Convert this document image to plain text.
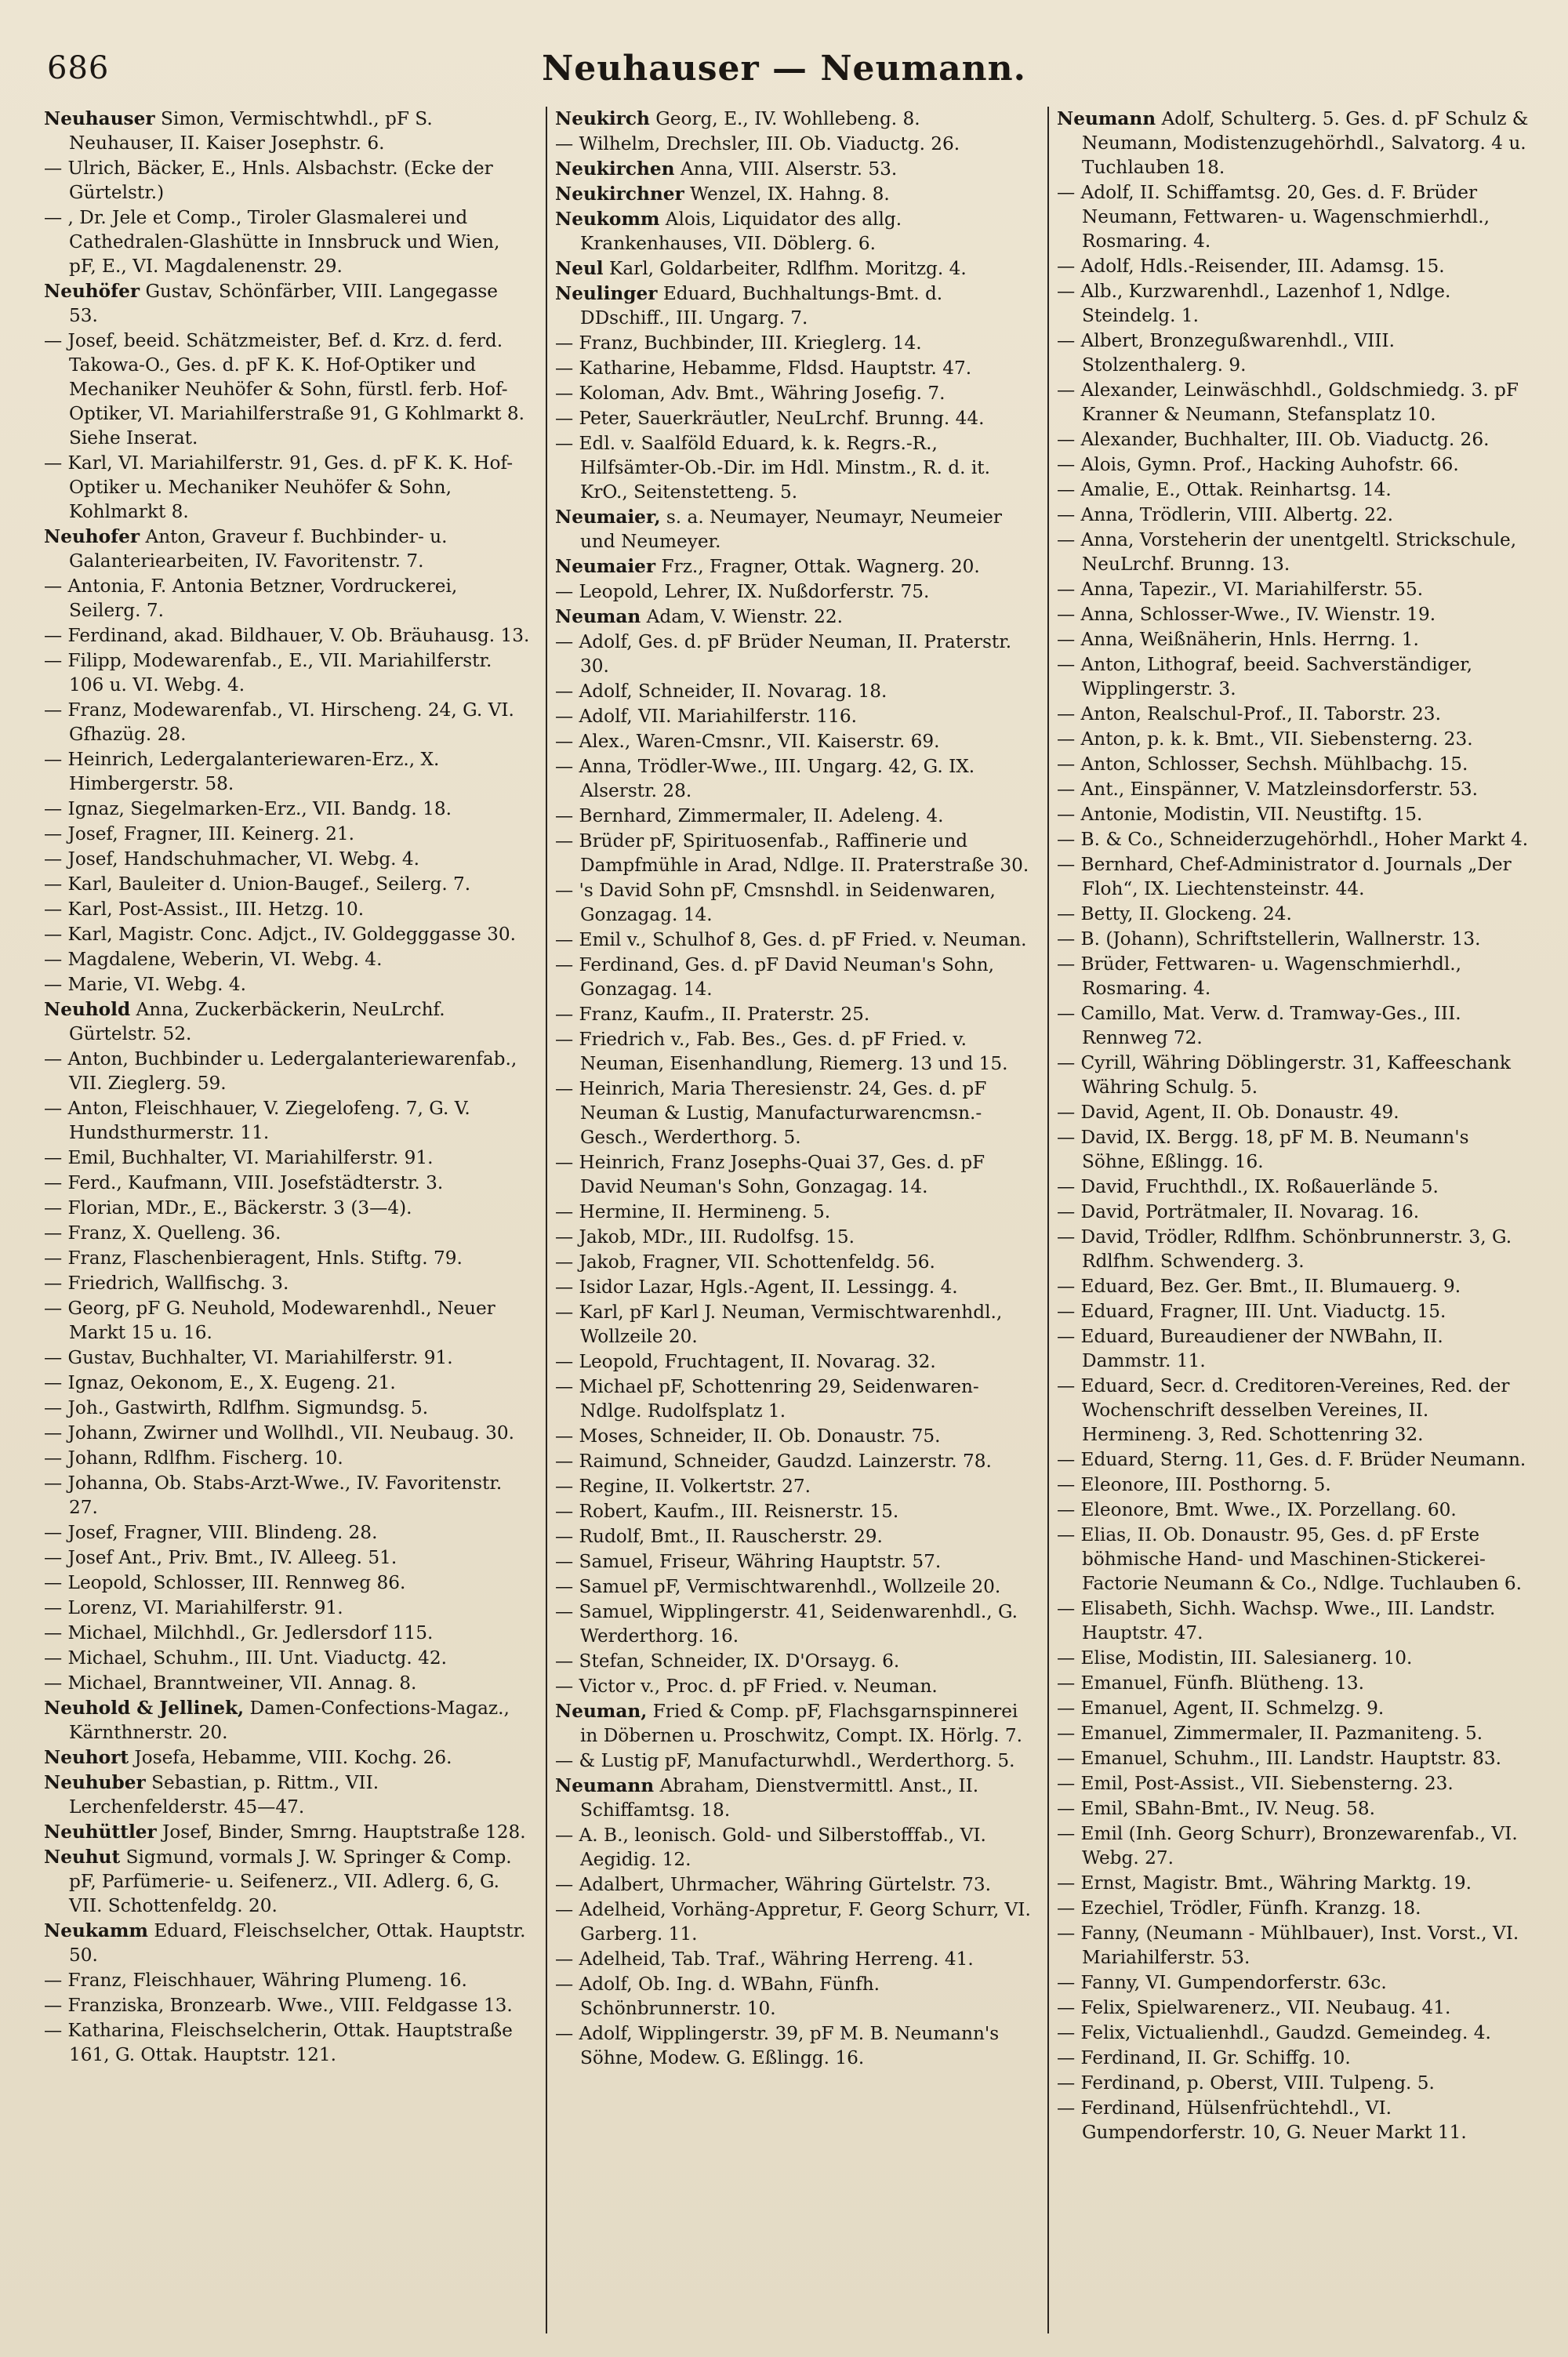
686	Neuhauser — Neumann.
Neuhauser Simon, Vermischtwhdl., pF S. Neuhauser, II. Kaiser Josephstr. 6.
— Ulrich, Bäcker, E., Hnls. Alsbachstr. (Ecke der Gürtelstr.)
— , Dr. Jele et Comp., Tiroler Glasmalerei und Cathedralen-Glashütte in Innsbruck und Wien, pF, E., VI. Magdalenenstr. 29.
Neuhöfer Gustav, Schönfärber, VIII. Langegasse 53.
— Josef, beeid. Schätzmeister, Bef. d. Krz. d. ferd. Takowa-O., Ges. d. pF K. K. Hof-Optiker und Mechaniker Neuhöfer & Sohn, fürstl. ferb. Hof-Optiker, VI. Mariahilferstraße 91, G Kohlmarkt 8. Siehe Inserat.
— Karl, VI. Mariahilferstr. 91, Ges. d. pF K. K. Hof-Optiker u. Mechaniker Neuhöfer & Sohn, Kohlmarkt 8.
Neuhofer Anton, Graveur f. Buchbinder- u. Galanteriearbeiten, IV. Favoritenstr. 7.
— Antonia, F. Antonia Betzner, Vordruckerei, Seilerg. 7.
— Ferdinand, akad. Bildhauer, V. Ob. Bräuhausg. 13.
— Filipp, Modewarenfab., E., VII. Mariahilferstr. 106 u. VI. Webg. 4.
— Franz, Modewarenfab., VI. Hirscheng. 24, G. VI. Gfhazüg. 28.
— Heinrich, Ledergalanteriewaren-Erz., X. Himbergerstr. 58.
— Ignaz, Siegelmarken-Erz., VII. Bandg. 18.
— Josef, Fragner, III. Keinerg. 21.
— Josef, Handschuhmacher, VI. Webg. 4.
— Karl, Bauleiter d. Union-Baugef., Seilerg. 7.
— Karl, Post-Assist., III. Hetzg. 10.
— Karl, Magistr. Conc. Adjct., IV. Goldegggasse 30.
— Magdalene, Weberin, VI. Webg. 4.
— Marie, VI. Webg. 4.
Neuhold Anna, Zuckerbäckerin, NeuLrchf. Gürtelstr. 52.
— Anton, Buchbinder u. Ledergalanteriewarenfab., VII. Zieglerg. 59.
— Anton, Fleischhauer, V. Ziegelofeng. 7, G. V. Hundsthurmerstr. 11.
— Emil, Buchhalter, VI. Mariahilferstr. 91.
— Ferd., Kaufmann, VIII. Josefstädterstr. 3.
— Florian, MDr., E., Bäckerstr. 3 (3—4).
— Franz, X. Quelleng. 36.
— Franz, Flaschenbieragent, Hnls. Stiftg. 79.
— Friedrich, Wallfischg. 3.
— Georg, pF G. Neuhold, Modewarenhdl., Neuer Markt 15 u. 16.
— Gustav, Buchhalter, VI. Mariahilferstr. 91.
— Ignaz, Oekonom, E., X. Eugeng. 21.
— Joh., Gastwirth, Rdlfhm. Sigmundsg. 5.
— Johann, Zwirner und Wollhdl., VII. Neubaug. 30.
— Johann, Rdlfhm. Fischerg. 10.
— Johanna, Ob. Stabs-Arzt-Wwe., IV. Favoritenstr. 27.
— Josef, Fragner, VIII. Blindeng. 28.
— Josef Ant., Priv. Bmt., IV. Alleeg. 51.
— Leopold, Schlosser, III. Rennweg 86.
— Lorenz, VI. Mariahilferstr. 91.
— Michael, Milchhdl., Gr. Jedlersdorf 115.
— Michael, Schuhm., III. Unt. Viaductg. 42.
— Michael, Branntweiner, VII. Annag. 8.
Neuhold & Jellinek, Damen-Confections-Magaz., Kärnthnerstr. 20.
Neuhort Josefa, Hebamme, VIII. Kochg. 26.
Neuhuber Sebastian, p. Rittm., VII. Lerchenfelderstr. 45—47.
Neuhüttler Josef, Binder, Smrng. Hauptstraße 128.
Neuhut Sigmund, vormals J. W. Springer & Comp. pF, Parfümerie- u. Seifenerz., VII. Adlerg. 6, G. VII. Schottenfeldg. 20.
Neukamm Eduard, Fleischselcher, Ottak. Hauptstr. 50.
— Franz, Fleischhauer, Währing Plumeng. 16.
— Franziska, Bronzearb. Wwe., VIII. Feldgasse 13.
— Katharina, Fleischselcherin, Ottak. Hauptstraße 161, G. Ottak. Hauptstr. 121.
Neukirch Georg, E., IV. Wohllebeng. 8.
— Wilhelm, Drechsler, III. Ob. Viaductg. 26.
Neukirchen Anna, VIII. Alserstr. 53.
Neukirchner Wenzel, IX. Hahng. 8.
Neukomm Alois, Liquidator des allg. Krankenhauses, VII. Döblerg. 6.
Neul Karl, Goldarbeiter, Rdlfhm. Moritzg. 4.
Neulinger Eduard, Buchhaltungs-Bmt. d. DDschiff., III. Ungarg. 7.
— Franz, Buchbinder, III. Krieglerg. 14.
— Katharine, Hebamme, Fldsd. Hauptstr. 47.
— Koloman, Adv. Bmt., Währing Josefig. 7.
— Peter, Sauerkräutler, NeuLrchf. Brunng. 44.
— Edl. v. Saalföld Eduard, k. k. Regrs.-R., Hilfsämter-Ob.-Dir. im Hdl. Minstm., R. d. it. KrO., Seitenstetteng. 5.
Neumaier, s. a. Neumayer, Neumayr, Neumeier und Neumeyer.
Neumaier Frz., Fragner, Ottak. Wagnerg. 20.
— Leopold, Lehrer, IX. Nußdorferstr. 75.
Neuman Adam, V. Wienstr. 22.
— Adolf, Ges. d. pF Brüder Neuman, II. Praterstr. 30.
— Adolf, Schneider, II. Novarag. 18.
— Adolf, VII. Mariahilferstr. 116.
— Alex., Waren-Cmsnr., VII. Kaiserstr. 69.
— Anna, Trödler-Wwe., III. Ungarg. 42, G. IX. Alserstr. 28.
— Bernhard, Zimmermaler, II. Adeleng. 4.
— Brüder pF, Spirituosenfab., Raffinerie und Dampfmühle in Arad, Ndlge. II. Praterstraße 30.
— 's David Sohn pF, Cmsnshdl. in Seidenwaren, Gonzagag. 14.
— Emil v., Schulhof 8, Ges. d. pF Fried. v. Neuman.
— Ferdinand, Ges. d. pF David Neuman's Sohn, Gonzagag. 14.
— Franz, Kaufm., II. Praterstr. 25.
— Friedrich v., Fab. Bes., Ges. d. pF Fried. v. Neuman, Eisenhandlung, Riemerg. 13 und 15.
— Heinrich, Maria Theresienstr. 24, Ges. d. pF Neuman & Lustig, Manufacturwarencmsn.-Gesch., Werderthorg. 5.
— Heinrich, Franz Josephs-Quai 37, Ges. d. pF David Neuman's Sohn, Gonzagag. 14.
— Hermine, II. Hermineng. 5.
— Jakob, MDr., III. Rudolfsg. 15.
— Jakob, Fragner, VII. Schottenfeldg. 56.
— Isidor Lazar, Hgls.-Agent, II. Lessingg. 4.
— Karl, pF Karl J. Neuman, Vermischtwarenhdl., Wollzeile 20.
— Leopold, Fruchtagent, II. Novarag. 32.
— Michael pF, Schottenring 29, Seidenwaren-Ndlge. Rudolfsplatz 1.
— Moses, Schneider, II. Ob. Donaustr. 75.
— Raimund, Schneider, Gaudzd. Lainzerstr. 78.
— Regine, II. Volkertstr. 27.
— Robert, Kaufm., III. Reisnerstr. 15.
— Rudolf, Bmt., II. Rauscherstr. 29.
— Samuel, Friseur, Währing Hauptstr. 57.
— Samuel pF, Vermischtwarenhdl., Wollzeile 20.
— Samuel, Wipplingerstr. 41, Seidenwarenhdl., G. Werderthorg. 16.
— Stefan, Schneider, IX. D'Orsayg. 6.
— Victor v., Proc. d. pF Fried. v. Neuman.
Neuman, Fried & Comp. pF, Flachsgarnspinnerei in Döbernen u. Proschwitz, Compt. IX. Hörlg. 7.
— & Lustig pF, Manufacturwhdl., Werderthorg. 5.
Neumann Abraham, Dienstvermittl. Anst., II. Schiffamtsg. 18.
— A. B., leonisch. Gold- und Silberstofffab., VI. Aegidig. 12.
— Adalbert, Uhrmacher, Währing Gürtelstr. 73.
— Adelheid, Vorhäng-Appretur, F. Georg Schurr, VI. Garberg. 11.
— Adelheid, Tab. Traf., Währing Herreng. 41.
— Adolf, Ob. Ing. d. WBahn, Fünfh. Schönbrunnerstr. 10.
— Adolf, Wipplingerstr. 39, pF M. B. Neumann's Söhne, Modew. G. Eßlingg. 16.
Neumann Adolf, Schulterg. 5. Ges. d. pF Schulz & Neumann, Modistenzugehörhdl., Salvatorg. 4 u. Tuchlauben 18.
— Adolf, II. Schiffamtsg. 20, Ges. d. F. Brüder Neumann, Fettwaren- u. Wagenschmierhdl., Rosmaring. 4.
— Adolf, Hdls.-Reisender, III. Adamsg. 15.
— Alb., Kurzwarenhdl., Lazenhof 1, Ndlge. Steindelg. 1.
— Albert, Bronzegußwarenhdl., VIII. Stolzenthalerg. 9.
— Alexander, Leinwäschhdl., Goldschmiedg. 3. pF Kranner & Neumann, Stefansplatz 10.
— Alexander, Buchhalter, III. Ob. Viaductg. 26.
— Alois, Gymn. Prof., Hacking Auhofstr. 66.
— Amalie, E., Ottak. Reinhartsg. 14.
— Anna, Trödlerin, VIII. Albertg. 22.
— Anna, Vorsteherin der unentgeltl. Strickschule, NeuLrchf. Brunng. 13.
— Anna, Tapezir., VI. Mariahilferstr. 55.
— Anna, Schlosser-Wwe., IV. Wienstr. 19.
— Anna, Weißnäherin, Hnls. Herrng. 1.
— Anton, Lithograf, beeid. Sachverständiger, Wipplingerstr. 3.
— Anton, Realschul-Prof., II. Taborstr. 23.
— Anton, p. k. k. Bmt., VII. Siebensterng. 23.
— Anton, Schlosser, Sechsh. Mühlbachg. 15.
— Ant., Einspänner, V. Matzleinsdorferstr. 53.
— Antonie, Modistin, VII. Neustiftg. 15.
— B. & Co., Schneiderzugehörhdl., Hoher Markt 4.
— Bernhard, Chef-Administrator d. Journals „Der Floh“, IX. Liechtensteinstr. 44.
— Betty, II. Glockeng. 24.
— B. (Johann), Schriftstellerin, Wallnerstr. 13.
— Brüder, Fettwaren- u. Wagenschmierhdl., Rosmaring. 4.
— Camillo, Mat. Verw. d. Tramway-Ges., III. Rennweg 72.
— Cyrill, Währing Döblingerstr. 31, Kaffeeschank Währing Schulg. 5.
— David, Agent, II. Ob. Donaustr. 49.
— David, IX. Bergg. 18, pF M. B. Neumann's Söhne, Eßlingg. 16.
— David, Fruchthdl., IX. Roßauerlände 5.
— David, Porträtmaler, II. Novarag. 16.
— David, Trödler, Rdlfhm. Schönbrunnerstr. 3, G. Rdlfhm. Schwenderg. 3.
— Eduard, Bez. Ger. Bmt., II. Blumauerg. 9.
— Eduard, Fragner, III. Unt. Viaductg. 15.
— Eduard, Bureaudiener der NWBahn, II. Dammstr. 11.
— Eduard, Secr. d. Creditoren-Vereines, Red. der Wochenschrift desselben Vereines, II. Hermineng. 3, Red. Schottenring 32.
— Eduard, Sterng. 11, Ges. d. F. Brüder Neumann.
— Eleonore, III. Posthorng. 5.
— Eleonore, Bmt. Wwe., IX. Porzellang. 60.
— Elias, II. Ob. Donaustr. 95, Ges. d. pF Erste böhmische Hand- und Maschinen-Stickerei-Factorie Neumann & Co., Ndlge. Tuchlauben 6.
— Elisabeth, Sichh. Wachsp. Wwe., III. Landstr. Hauptstr. 47.
— Elise, Modistin, III. Salesianerg. 10.
— Emanuel, Fünfh. Blütheng. 13.
— Emanuel, Agent, II. Schmelzg. 9.
— Emanuel, Zimmermaler, II. Pazmaniteng. 5.
— Emanuel, Schuhm., III. Landstr. Hauptstr. 83.
— Emil, Post-Assist., VII. Siebensterng. 23.
— Emil, SBahn-Bmt., IV. Neug. 58.
— Emil (Inh. Georg Schurr), Bronzewarenfab., VI. Webg. 27.
— Ernst, Magistr. Bmt., Währing Marktg. 19.
— Ezechiel, Trödler, Fünfh. Kranzg. 18.
— Fanny, (Neumann - Mühlbauer), Inst. Vorst., VI. Mariahilferstr. 53.
— Fanny, VI. Gumpendorferstr. 63c.
— Felix, Spielwarenerz., VII. Neubaug. 41.
— Felix, Victualienhdl., Gaudzd. Gemeindeg. 4.
— Ferdinand, II. Gr. Schiffg. 10.
— Ferdinand, p. Oberst, VIII. Tulpeng. 5.
— Ferdinand, Hülsenfrüchtehdl., VI. Gumpendorferstr. 10, G. Neuer Markt 11.
